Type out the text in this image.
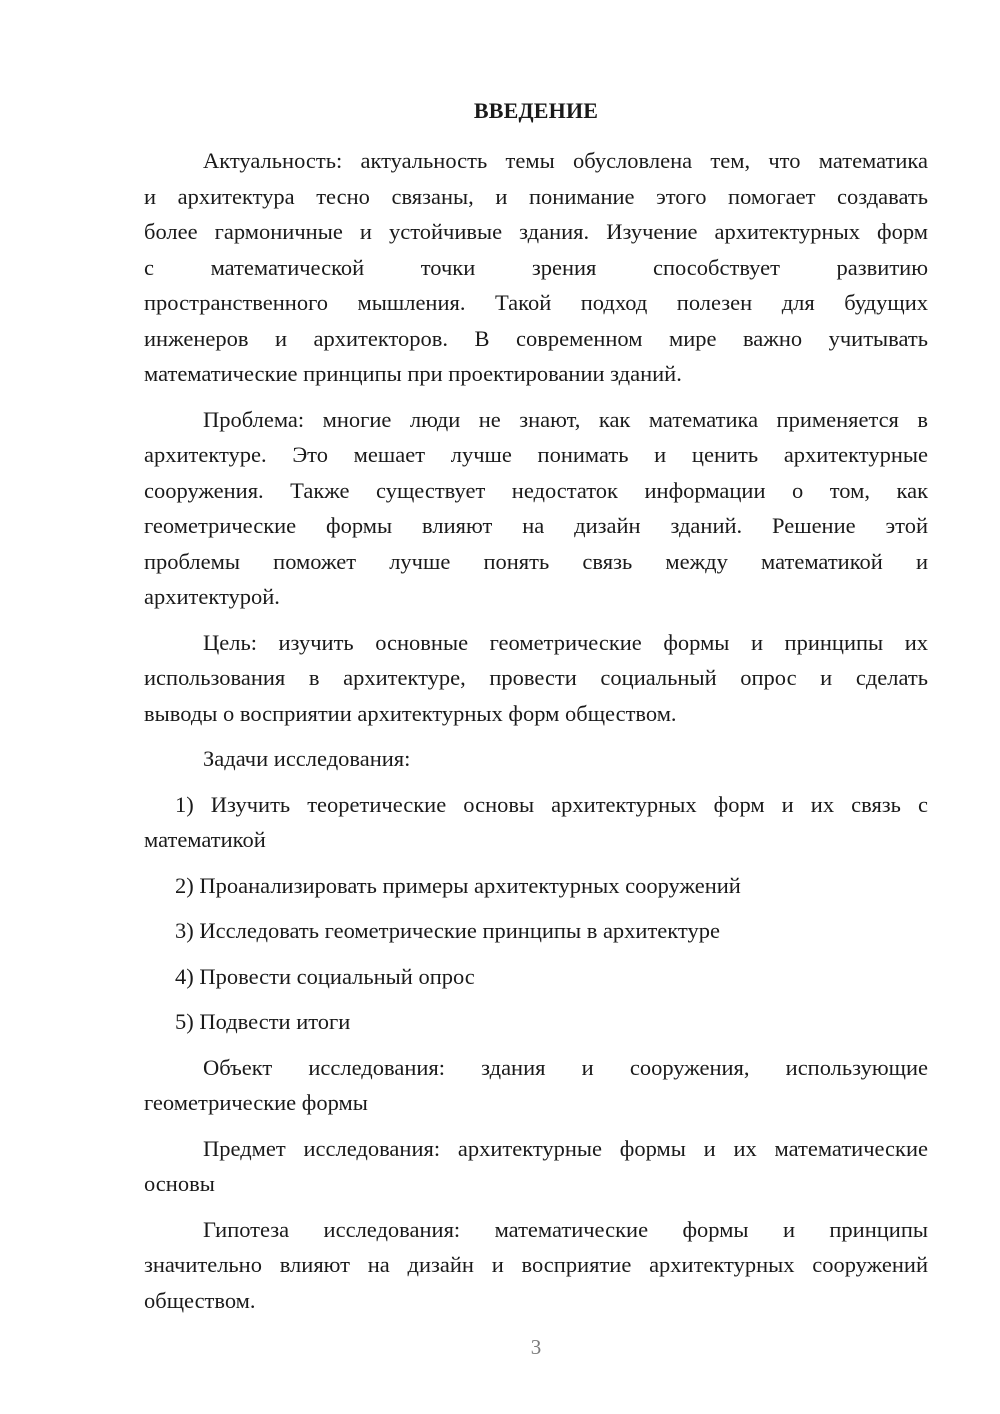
ВВЕДЕНИЕ
Актуальность: актуальность темы обусловлена тем, что математика
и архитектура тесно связаны, и понимание этого помогает создавать
более гармоничные и устойчивые здания. Изучение архитектурных форм
с математической точки зрения способствует развитию
пространственного мышления. Такой подход полезен для будущих
инженеров и архитекторов. В современном мире важно учитывать
математические принципы при проектировании зданий.
Проблема: многие люди не знают, как математика применяется в
архитектуре. Это мешает лучше понимать и ценить архитектурные
сооружения. Также существует недостаток информации о том, как
геометрические формы влияют на дизайн зданий. Решение этой
проблемы поможет лучше понять связь между математикой и
архитектурой.
Цель: изучить основные геометрические формы и принципы их
использования в архитектуре, провести социальный опрос и сделать
выводы о восприятии архитектурных форм обществом.
Задачи исследования:
1) Изучить теоретические основы архитектурных форм и их связь с
математикой
2) Проанализировать примеры архитектурных сооружений
3) Исследовать геометрические принципы в архитектуре
4) Провести социальный опрос
5) Подвести итоги
Объект исследования: здания и сооружения, использующие
геометрические формы
Предмет исследования: архитектурные формы и их математические
основы
Гипотеза исследования: математические формы и принципы
значительно влияют на дизайн и восприятие архитектурных сооружений
обществом.
3
